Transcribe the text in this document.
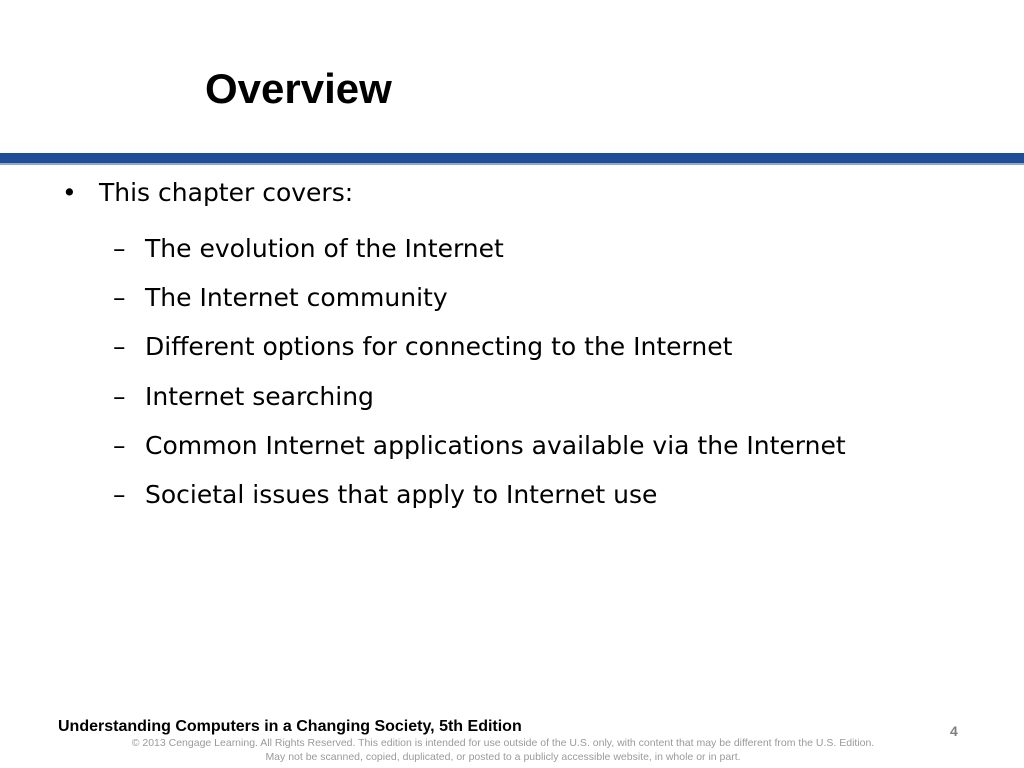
Overview
• This chapter covers:
– The evolution of the Internet
– The Internet community
– Different options for connecting to the Internet
– Internet searching
– Common Internet applications available via the Internet
– Societal issues that apply to Internet use
Understanding Computers in a Changing Society, 5th Edition	4
© 2013 Cengage Learning. All Rights Reserved. This edition is intended for use outside of the U.S. only, with content that may be different from the U.S. Edition.
May not be scanned, copied, duplicated, or posted to a publicly accessible website, in whole or in part.
